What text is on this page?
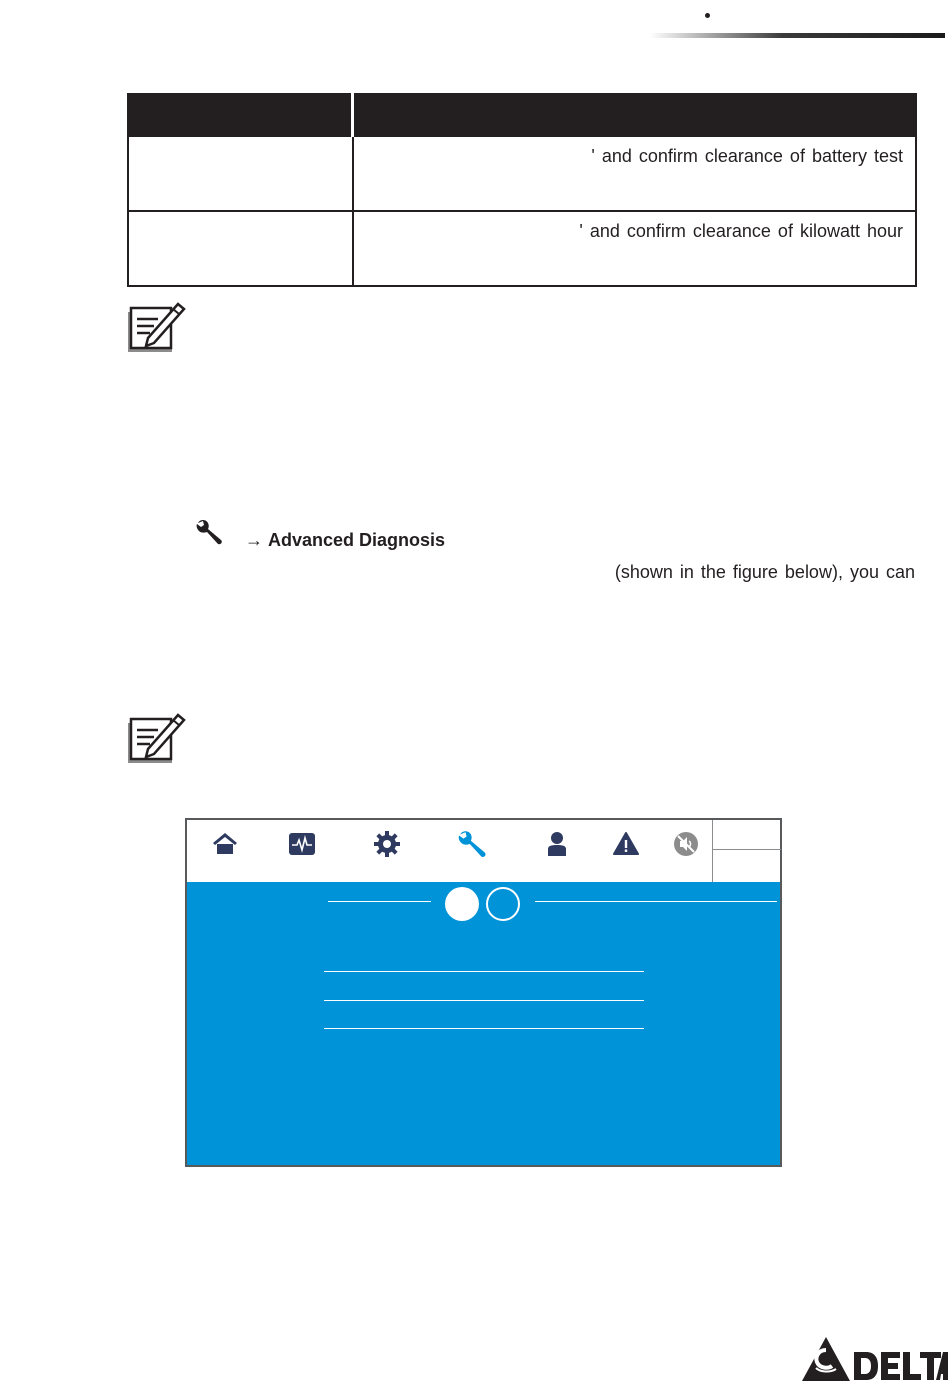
	' and confirm clearance of battery test
	' and confirm clearance of kilowatt hour
→ Advanced Diagnosis
(shown in the figure below), you can
